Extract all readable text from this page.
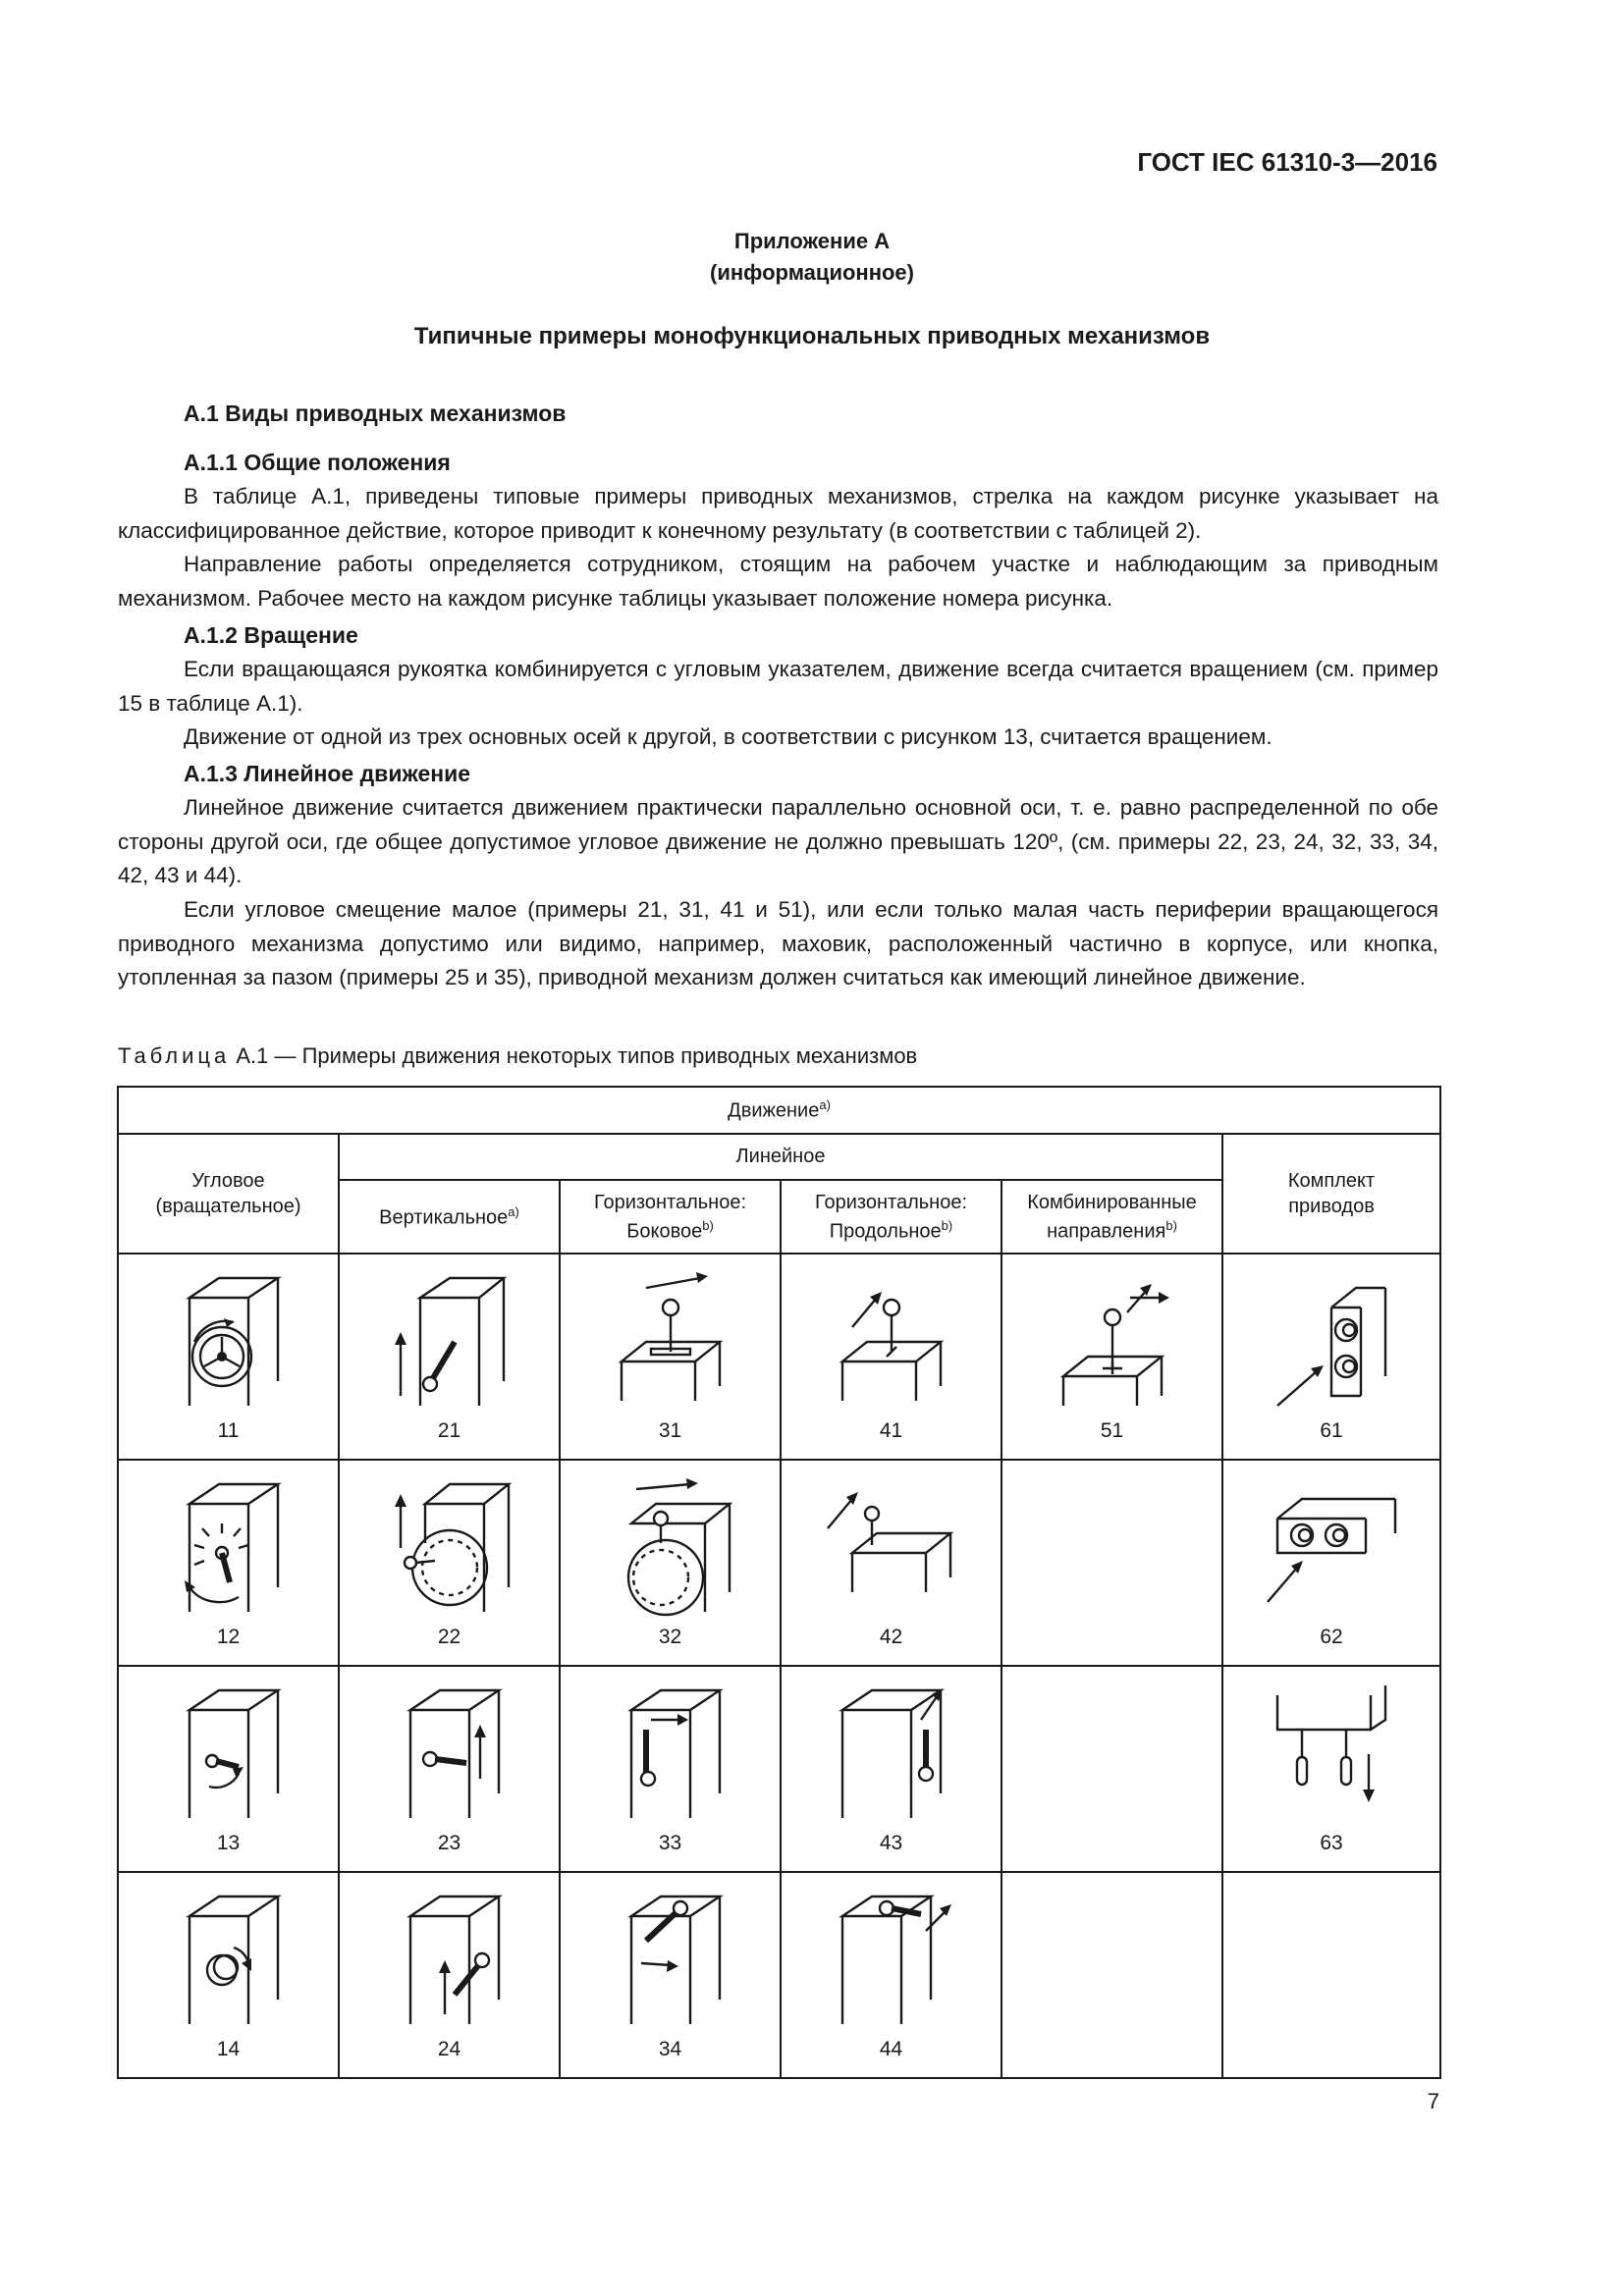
ГОСТ IEC 61310-3—2016
Приложение А
(информационное)
Типичные примеры монофункциональных приводных механизмов
А.1 Виды приводных механизмов
А.1.1 Общие положения

В таблице А.1, приведены типовые примеры приводных механизмов, стрелка на каждом рисунке указывает на классифицированное действие, которое приводит к конечному результату (в соответствии с таблицей 2).

Направление работы определяется сотрудником, стоящим на рабочем участке и наблюдающим за приводным механизмом. Рабочее место на каждом рисунке таблицы указывает положение номера рисунка.

А.1.2 Вращение

Если вращающаяся рукоятка комбинируется с угловым указателем, движение всегда считается вращением (см. пример 15 в таблице А.1).

Движение от одной из трех основных осей к другой, в соответствии с рисунком 13, считается вращением.

А.1.3 Линейное движение

Линейное движение считается движением практически параллельно основной оси, т. е. равно распределенной по обе стороны другой оси, где общее допустимое угловое движение не должно превышать 120º, (см. примеры 22, 23, 24, 32, 33, 34, 42, 43 и 44).

Если угловое смещение малое (примеры 21, 31, 41 и 51), или если только малая часть периферии вращающегося приводного механизма допустимо или видимо, например, маховик, расположенный частично в корпусе, или кнопка, утопленная за пазом (примеры 25 и 35), приводной механизм должен считаться как имеющий линейное движение.

Таблица А.1 — Примеры движения некоторых типов приводных механизмов
Движение$^{a)}$

Угловое (вращательное)	Линейное				Комплект приводов

	Вертикальное$^{a)}$	Горизонтальное: Боковое$^{b)}$	Горизонтальное: Продольное$^{b)}$	Комбинированные направления$^{b)}$

11	21	31	41	51	61

12	22	32	42		62

13	23	33	43		63

14	24	34	44		

7
